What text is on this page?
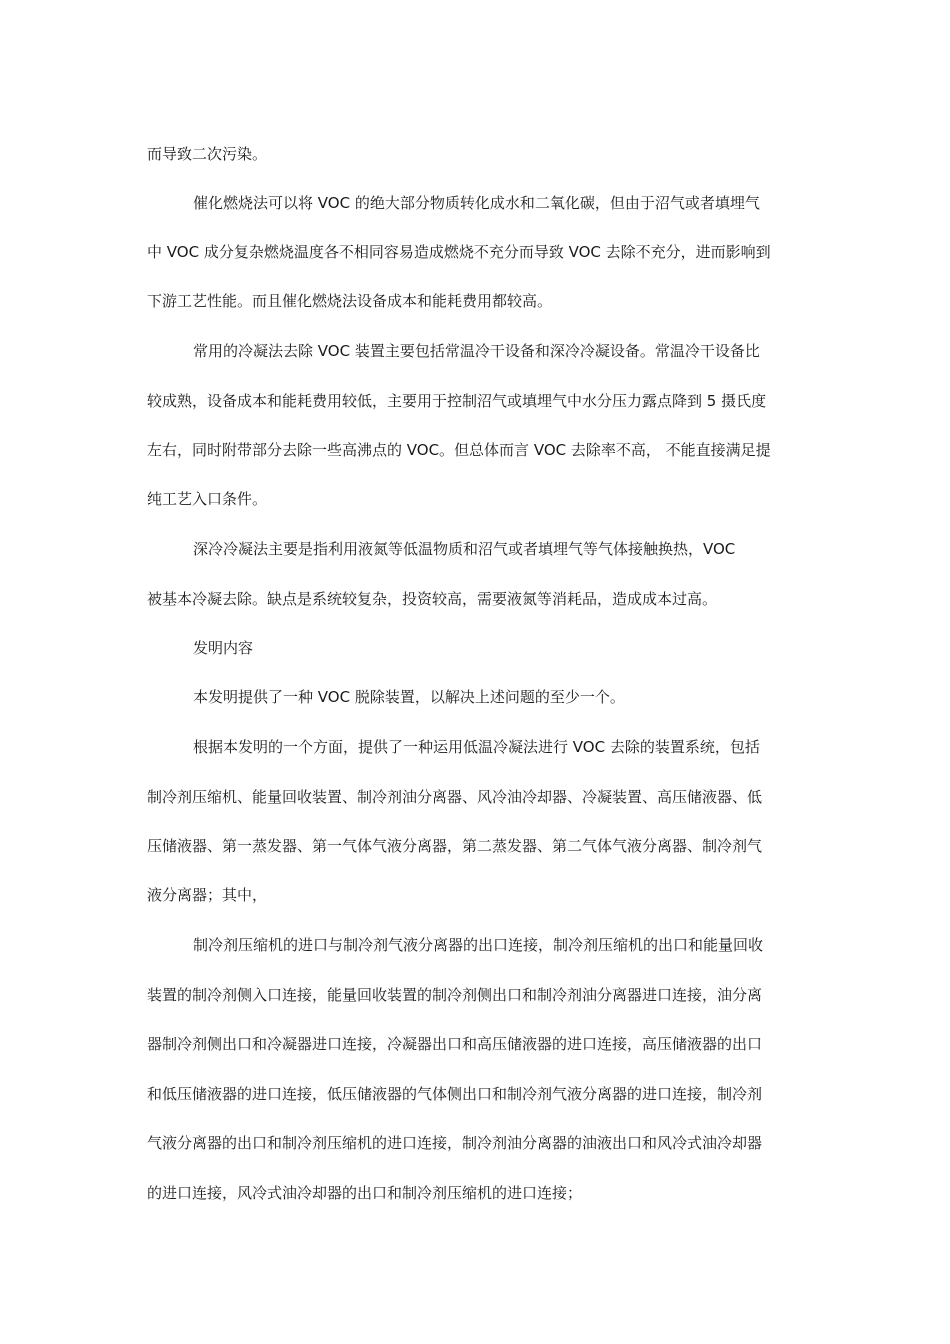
而导致二次污染。
催化燃烧法可以将 VOC 的绝大部分物质转化成水和二氧化碳，但由于沼气或者填埋气
中 VOC 成分复杂燃烧温度各不相同容易造成燃烧不充分而导致 VOC 去除不充分，进而影响到
下游工艺性能。而且催化燃烧法设备成本和能耗费用都较高。
常用的冷凝法去除 VOC 装置主要包括常温冷干设备和深冷冷凝设备。常温冷干设备比
较成熟，设备成本和能耗费用较低，主要用于控制沼气或填埋气中水分压力露点降到 5 摄氏度
左右，同时附带部分去除一些高沸点的 VOC。但总体而言 VOC 去除率不高， 不能直接满足提
纯工艺入口条件。
深冷冷凝法主要是指利用液氮等低温物质和沼气或者填埋气等气体接触换热，VOC
被基本冷凝去除。缺点是系统较复杂，投资较高，需要液氮等消耗品，造成成本过高。
发明内容
本发明提供了一种 VOC 脱除装置，以解决上述问题的至少一个。
根据本发明的一个方面，提供了一种运用低温冷凝法进行 VOC 去除的装置系统，包括
制冷剂压缩机、能量回收装置、制冷剂油分离器、风冷油冷却器、冷凝装置、高压储液器、低
压储液器、第一蒸发器、第一气体气液分离器，第二蒸发器、第二气体气液分离器、制冷剂气
液分离器；其中，
制冷剂压缩机的进口与制冷剂气液分离器的出口连接，制冷剂压缩机的出口和能量回收
装置的制冷剂侧入口连接，能量回收装置的制冷剂侧出口和制冷剂油分离器进口连接，油分离
器制冷剂侧出口和冷凝器进口连接，冷凝器出口和高压储液器的进口连接，高压储液器的出口
和低压储液器的进口连接，低压储液器的气体侧出口和制冷剂气液分离器的进口连接，制冷剂
气液分离器的出口和制冷剂压缩机的进口连接，制冷剂油分离器的油液出口和风冷式油冷却器
的进口连接，风冷式油冷却器的出口和制冷剂压缩机的进口连接；
